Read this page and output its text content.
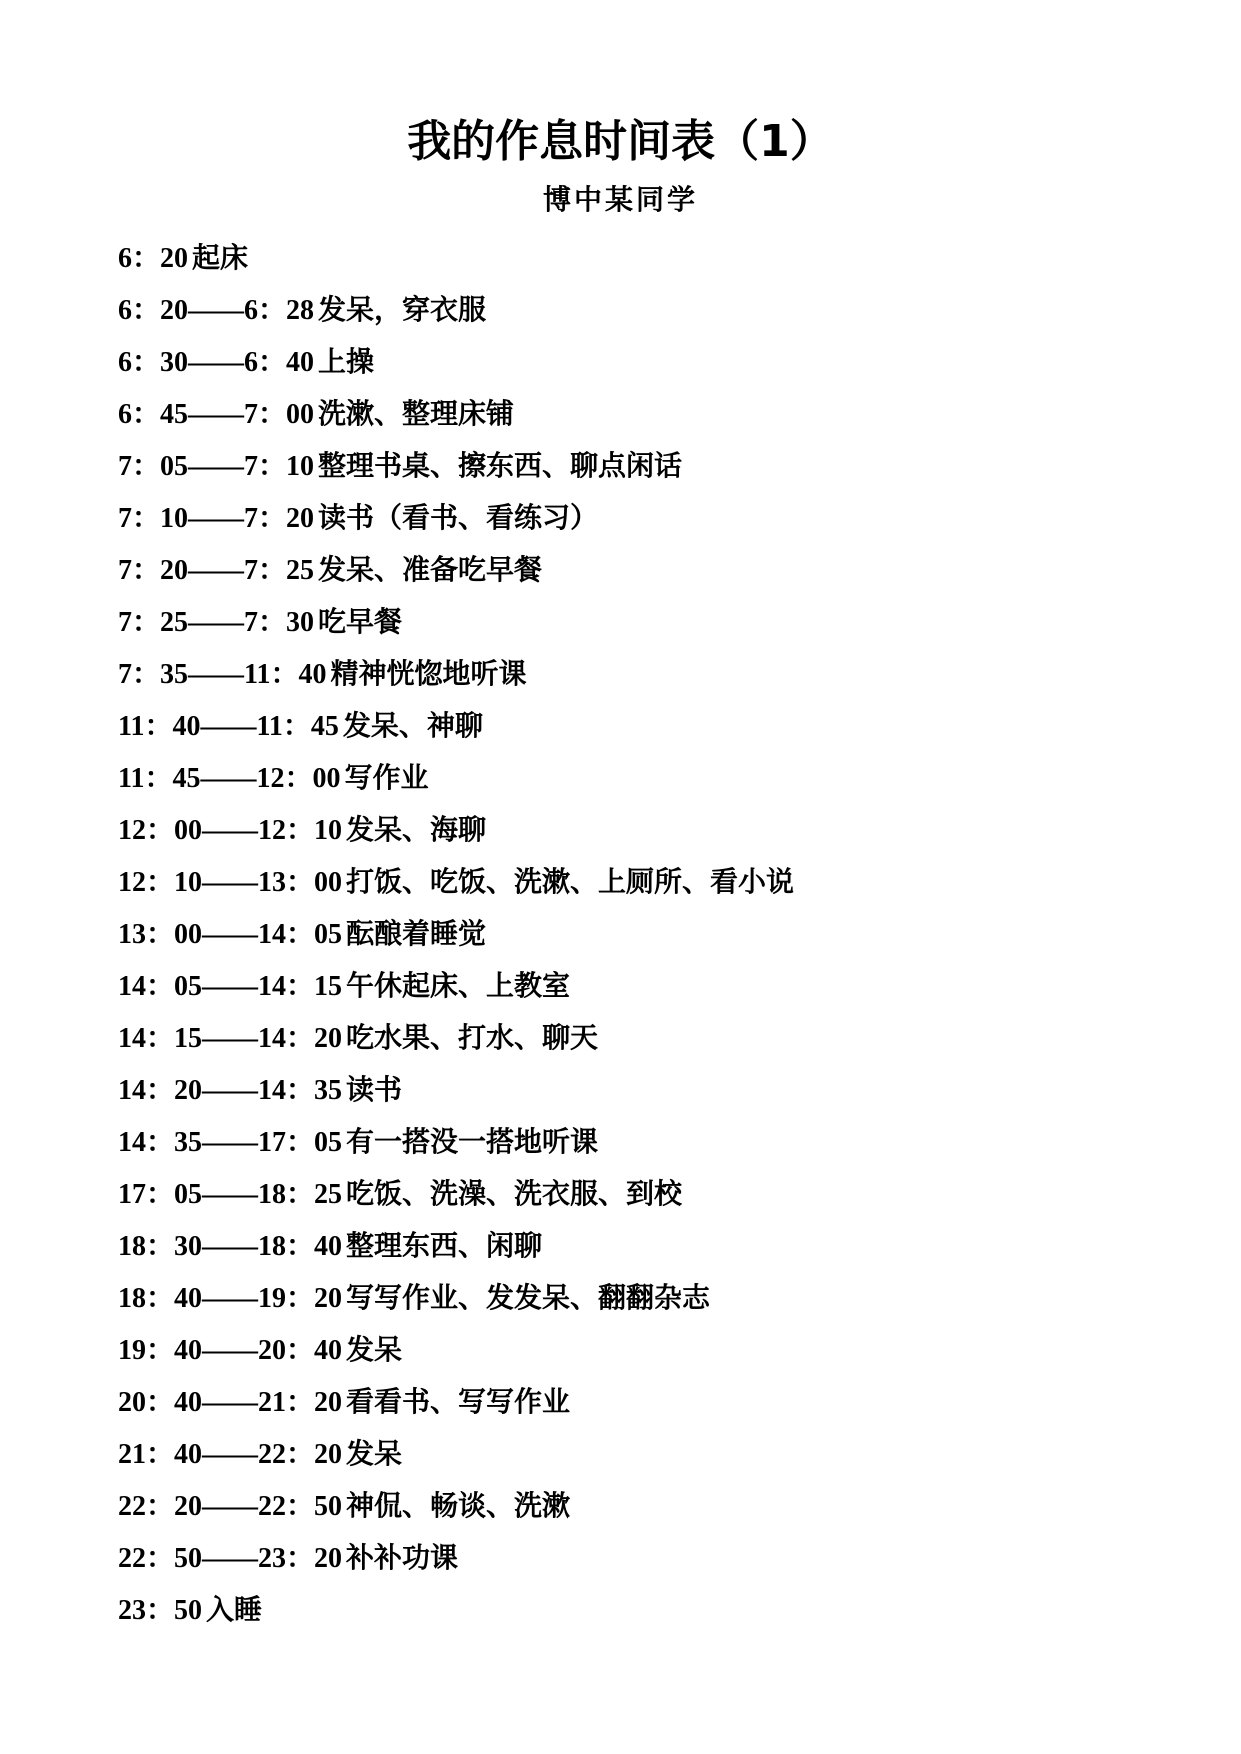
我的作息时间表（1）
博中某同学
6：20 起床
6：20——6：28 发呆，穿衣服
6：30——6：40 上操
6：45——7：00 洗漱、整理床铺
7：05——7：10 整理书桌、擦东西、聊点闲话
7：10——7：20 读书（看书、看练习）
7：20——7：25 发呆、准备吃早餐
7：25——7：30 吃早餐
7：35——11：40 精神恍惚地听课
11：40——11：45 发呆、神聊
11：45——12：00 写作业
12：00——12：10 发呆、海聊
12：10——13：00 打饭、吃饭、洗漱、上厕所、看小说
13：00——14：05 酝酿着睡觉
14：05——14：15 午休起床、上教室
14：15——14：20 吃水果、打水、聊天
14：20——14：35 读书
14：35——17：05 有一搭没一搭地听课
17：05——18：25 吃饭、洗澡、洗衣服、到校
18：30——18：40 整理东西、闲聊
18：40——19：20 写写作业、发发呆、翻翻杂志
19：40——20：40 发呆
20：40——21：20 看看书、写写作业
21：40——22：20 发呆
22：20——22：50 神侃、畅谈、洗漱
22：50——23：20 补补功课
23：50 入睡
